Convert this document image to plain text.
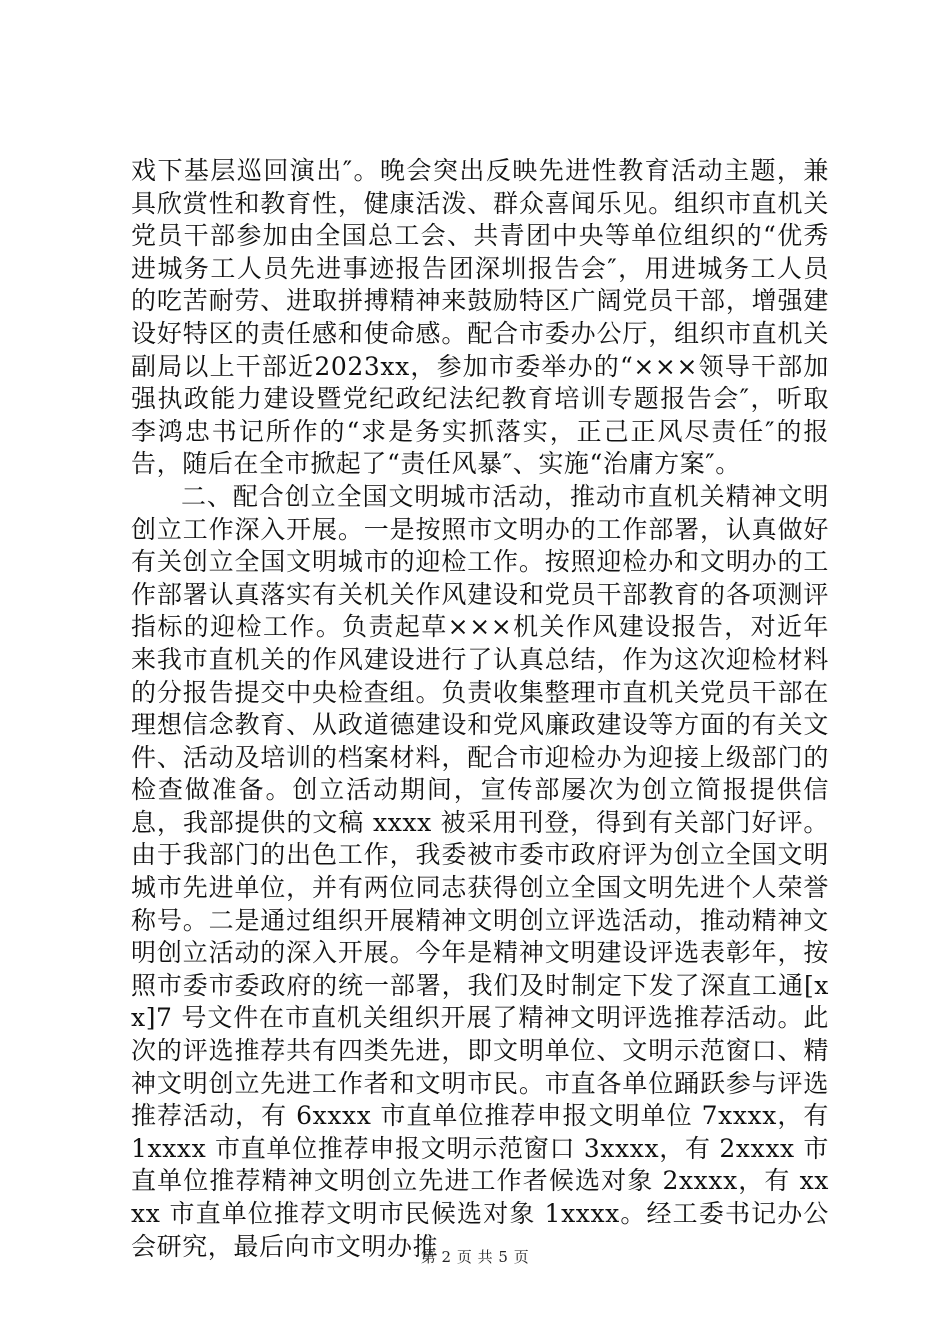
戏下基层巡回演出″。晚会突出反映先进性教育活动主题，兼具欣赏性和教育性，健康活泼、群众喜闻乐见。组织市直机关党员干部参加由全国总工会、共青团中央等单位组织的“优秀进城务工人员先进事迹报告团深圳报告会″，用进城务工人员的吃苦耐劳、进取拼搏精神来鼓励特区广阔党员干部，增强建设好特区的责任感和使命感。配合市委办公厅，组织市直机关副局以上干部近2023xx，参加市委举办的“×××领导干部加强执政能力建设暨党纪政纪法纪教育培训专题报告会″，听取李鸿忠书记所作的“求是务实抓落实，正己正风尽责任″的报告，随后在全市掀起了“责任风暴″、实施“治庸方案″。

二、配合创立全国文明城市活动，推动市直机关精神文明创立工作深入开展。一是按照市文明办的工作部署，认真做好有关创立全国文明城市的迎检工作。按照迎检办和文明办的工作部署认真落实有关机关作风建设和党员干部教育的各项测评指标的迎检工作。负责起草×××机关作风建设报告，对近年来我市直机关的作风建设进行了认真总结，作为这次迎检材料的分报告提交中央检查组。负责收集整理市直机关党员干部在理想信念教育、从政道德建设和党风廉政建设等方面的有关文件、活动及培训的档案材料，配合市迎检办为迎接上级部门的检查做准备。创立活动期间，宣传部屡次为创立简报提供信息，我部提供的文稿 xxxx 被采用刊登，得到有关部门好评。由于我部门的出色工作，我委被市委市政府评为创立全国文明城市先进单位，并有两位同志获得创立全国文明先进个人荣誉称号。二是通过组织开展精神文明创立评选活动，推动精神文明创立活动的深入开展。今年是精神文明建设评选表彰年，按照市委市委政府的统一部署，我们及时制定下发了深直工通[xx]7 号文件在市直机关组织开展了精神文明评选推荐活动。此次的评选推荐共有四类先进，即文明单位、文明示范窗口、精神文明创立先进工作者和文明市民。市直各单位踊跃参与评选推荐活动，有 6xxxx 市直单位推荐申报文明单位 7xxxx，有 1xxxx 市直单位推荐申报文明示范窗口 3xxxx，有 2xxxx 市直单位推荐精神文明创立先进工作者候选对象 2xxxx，有 xxxx 市直单位推荐文明市民候选对象 1xxxx。经工委书记办公会研究，最后向市文明办推

第 2 页 共 5 页
